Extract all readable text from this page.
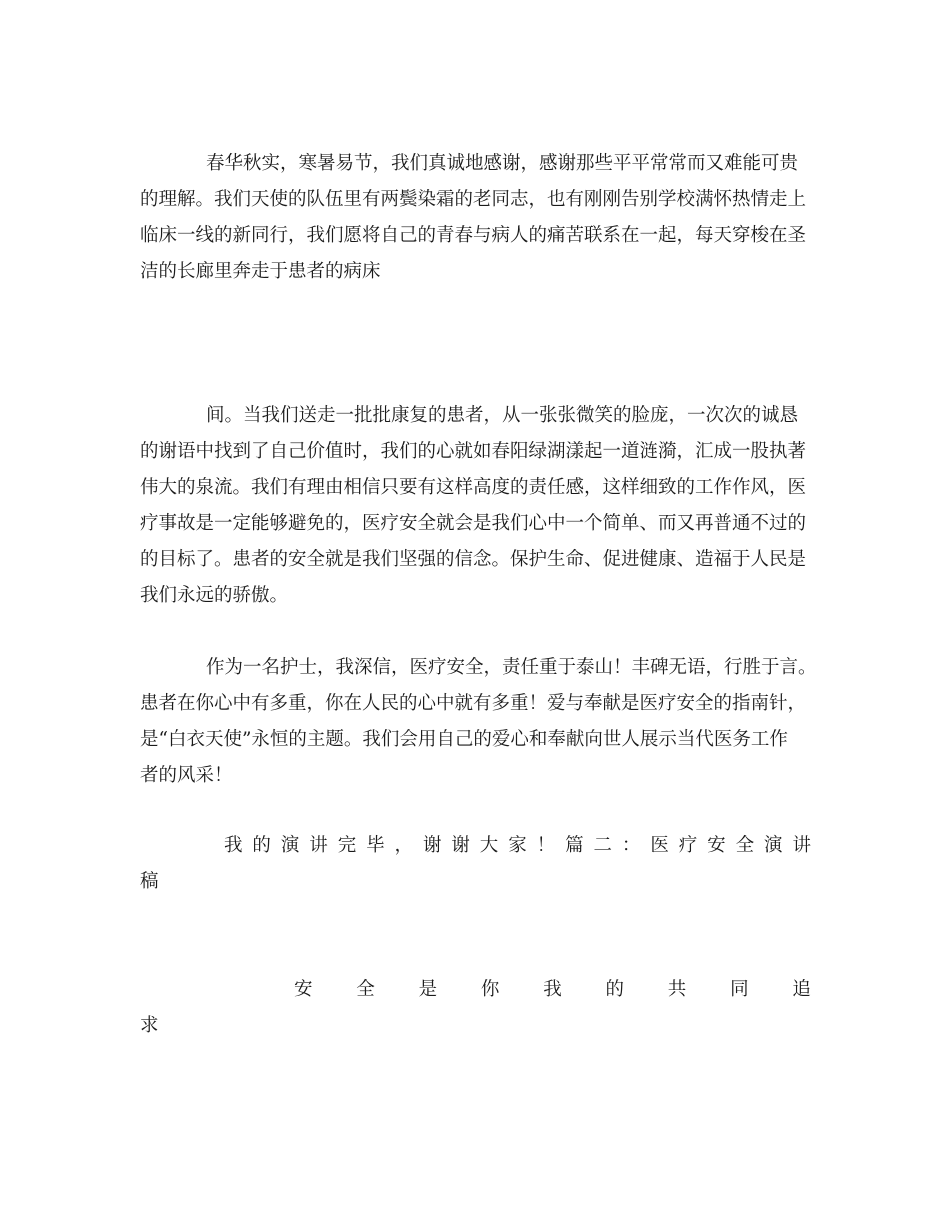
春华秋实，寒暑易节，我们真诚地感谢，感谢那些平平常常而又难能可贵
的理解。我们天使的队伍里有两鬓染霜的老同志，也有刚刚告别学校满怀热情走上
临床一线的新同行，我们愿将自己的青春与病人的痛苦联系在一起，每天穿梭在圣
洁的长廊里奔走于患者的病床
间。当我们送走一批批康复的患者，从一张张微笑的脸庞，一次次的诚恳
的谢语中找到了自己价值时，我们的心就如春阳绿湖漾起一道涟漪，汇成一股执著
伟大的泉流。我们有理由相信只要有这样高度的责任感，这样细致的工作作风，医
疗事故是一定能够避免的，医疗安全就会是我们心中一个简单、而又再普通不过的
的目标了。患者的安全就是我们坚强的信念。保护生命、促进健康、造福于人民是
我们永远的骄傲。
作为一名护士，我深信，医疗安全，责任重于泰山！丰碑无语，行胜于言。
患者在你心中有多重，你在人民的心中就有多重！爱与奉献是医疗安全的指南针，
是“白衣天使”永恒的主题。我们会用自己的爱心和奉献向世人展示当代医务工作
者的风采！
我 的 演 讲 完 毕 ， 谢 谢 大 家 ！ 篇 二 ： 医 疗 安 全 演 讲
稿
安 全 是 你 我 的 共 同 追
求
